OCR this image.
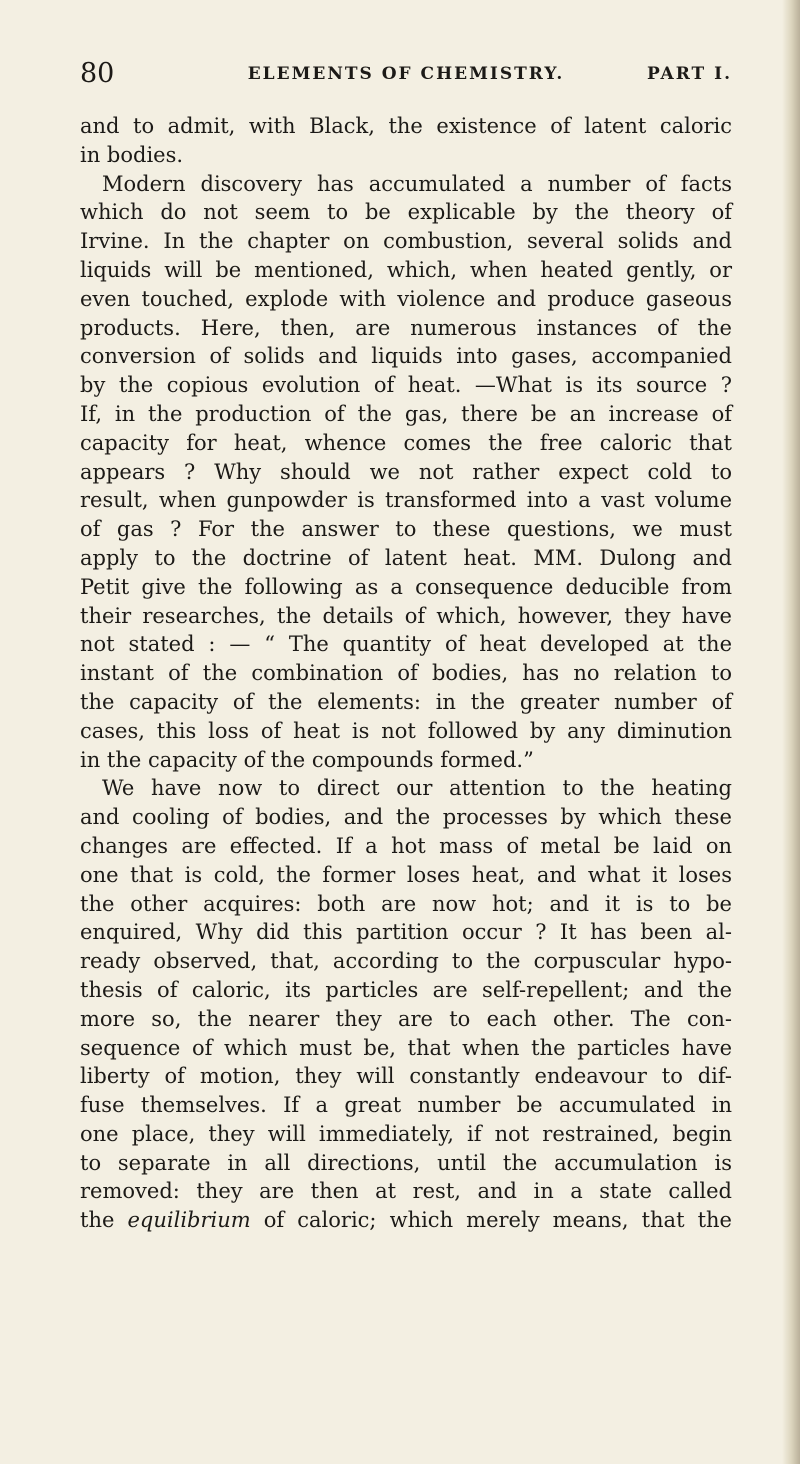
80	ELEMENTS OF CHEMISTRY.	PART I.
and to admit, with Black, the existence of latent caloric
in bodies.
Modern discovery has accumulated a number of facts
which do not seem to be explicable by the theory of
Irvine. In the chapter on combustion, several solids and
liquids will be mentioned, which, when heated gently, or
even touched, explode with violence and produce gaseous
products. Here, then, are numerous instances of the
conversion of solids and liquids into gases, accompanied
by the copious evolution of heat. —What is its source ?
If, in the production of the gas, there be an increase of
capacity for heat, whence comes the free caloric that
appears ? Why should we not rather expect cold to
result, when gunpowder is transformed into a vast volume
of gas ? For the answer to these questions, we must
apply to the doctrine of latent heat. MM. Dulong and
Petit give the following as a consequence deducible from
their researches, the details of which, however, they have
not stated : — “ The quantity of heat developed at the
instant of the combination of bodies, has no relation to
the capacity of the elements: in the greater number of
cases, this loss of heat is not followed by any diminution
in the capacity of the compounds formed.”
We have now to direct our attention to the heating
and cooling of bodies, and the processes by which these
changes are effected. If a hot mass of metal be laid on
one that is cold, the former loses heat, and what it loses
the other acquires: both are now hot; and it is to be
enquired, Why did this partition occur ? It has been al-
ready observed, that, according to the corpuscular hypo-
thesis of caloric, its particles are self-repellent; and the
more so, the nearer they are to each other. The con-
sequence of which must be, that when the particles have
liberty of motion, they will constantly endeavour to dif-
fuse themselves. If a great number be accumulated in
one place, they will immediately, if not restrained, begin
to separate in all directions, until the accumulation is
removed: they are then at rest, and in a state called
the equilibrium of caloric; which merely means, that the
